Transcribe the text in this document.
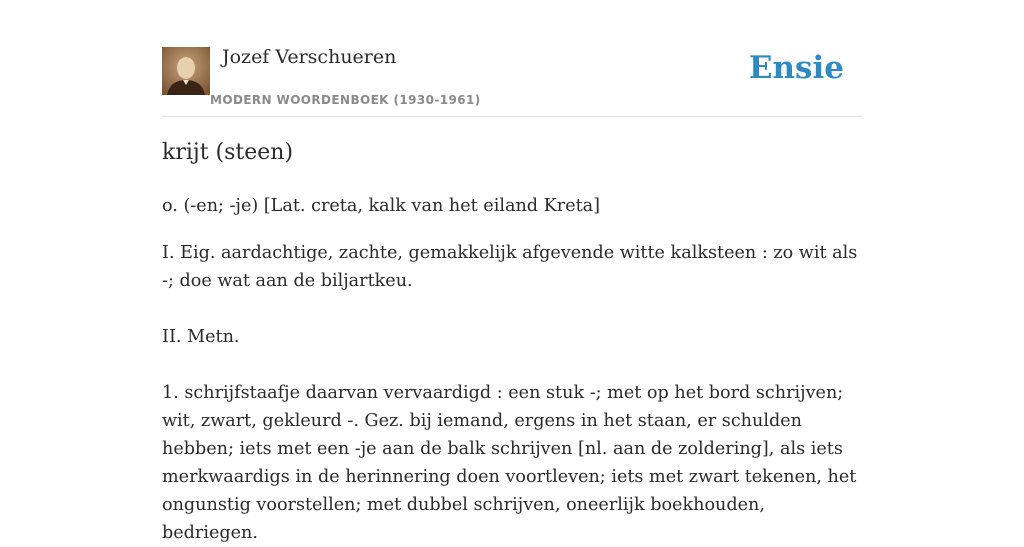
Jozef Verschueren
MODERN WOORDENBOEK (1930-1961)
Ensie
krijt (steen)

o. (-en; -je) [Lat. creta, kalk van het eiland Kreta]

I. Eig. aardachtige, zachte, gemakkelijk afgevende witte kalksteen : zo wit als -; doe wat aan de biljartkeu.

II. Metn.

1. schrijfstaafje daarvan vervaardigd : een stuk -; met op het bord schrijven; wit, zwart, gekleurd -. Gez. bij iemand, ergens in het staan, er schulden hebben; iets met een -je aan de balk schrijven [nl. aan de zoldering], als iets merkwaardigs in de herinnering doen voortleven; iets met zwart tekenen, het ongunstig voorstellen; met dubbel schrijven, oneerlijk boekhouden, bedriegen.
